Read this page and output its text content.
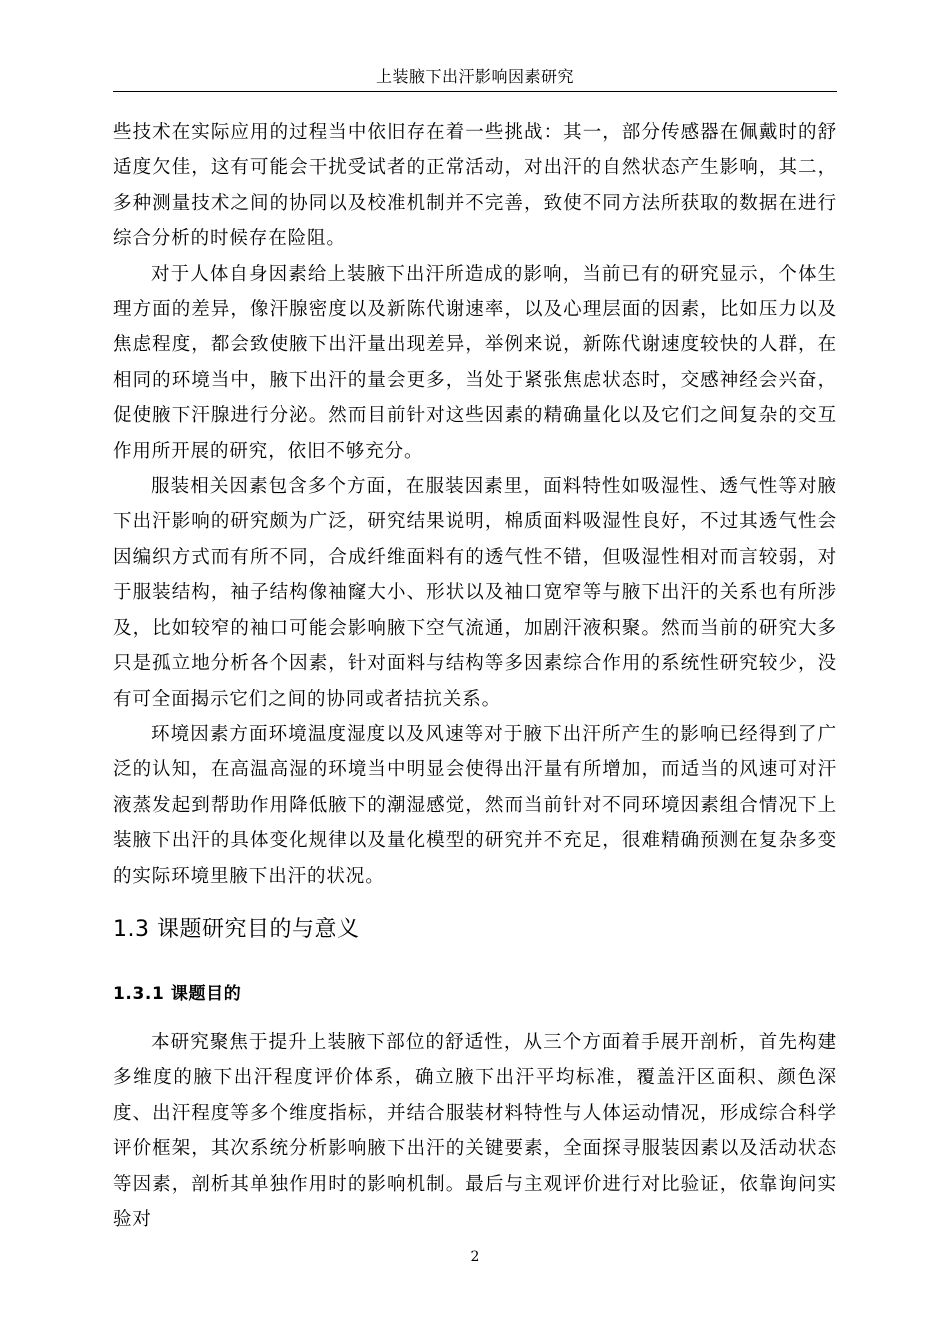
上装腋下出汗影响因素研究

些技术在实际应用的过程当中依旧存在着一些挑战：其一，部分传感器在佩戴时的舒适度欠佳，这有可能会干扰受试者的正常活动，对出汗的自然状态产生影响，其二，多种测量技术之间的协同以及校准机制并不完善，致使不同方法所获取的数据在进行综合分析的时候存在险阻。

对于人体自身因素给上装腋下出汗所造成的影响，当前已有的研究显示，个体生理方面的差异，像汗腺密度以及新陈代谢速率，以及心理层面的因素，比如压力以及焦虑程度，都会致使腋下出汗量出现差异，举例来说，新陈代谢速度较快的人群，在相同的环境当中，腋下出汗的量会更多，当处于紧张焦虑状态时，交感神经会兴奋，促使腋下汗腺进行分泌。然而目前针对这些因素的精确量化以及它们之间复杂的交互作用所开展的研究，依旧不够充分。

服装相关因素包含多个方面，在服装因素里，面料特性如吸湿性、透气性等对腋下出汗影响的研究颇为广泛，研究结果说明，棉质面料吸湿性良好，不过其透气性会因编织方式而有所不同，合成纤维面料有的透气性不错，但吸湿性相对而言较弱，对于服装结构，袖子结构像袖窿大小、形状以及袖口宽窄等与腋下出汗的关系也有所涉及，比如较窄的袖口可能会影响腋下空气流通，加剧汗液积聚。然而当前的研究大多只是孤立地分析各个因素，针对面料与结构等多因素综合作用的系统性研究较少，没有可全面揭示它们之间的协同或者拮抗关系。

环境因素方面环境温度湿度以及风速等对于腋下出汗所产生的影响已经得到了广泛的认知，在高温高湿的环境当中明显会使得出汗量有所增加，而适当的风速可对汗液蒸发起到帮助作用降低腋下的潮湿感觉，然而当前针对不同环境因素组合情况下上装腋下出汗的具体变化规律以及量化模型的研究并不充足，很难精确预测在复杂多变的实际环境里腋下出汗的状况。

1.3 课题研究目的与意义
1.3.1 课题目的

本研究聚焦于提升上装腋下部位的舒适性，从三个方面着手展开剖析，首先构建多维度的腋下出汗程度评价体系，确立腋下出汗平均标准，覆盖汗区面积、颜色深度、出汗程度等多个维度指标，并结合服装材料特性与人体运动情况，形成综合科学评价框架，其次系统分析影响腋下出汗的关键要素，全面探寻服装因素以及活动状态等因素，剖析其单独作用时的影响机制。最后与主观评价进行对比验证，依靠询问实验对

2
